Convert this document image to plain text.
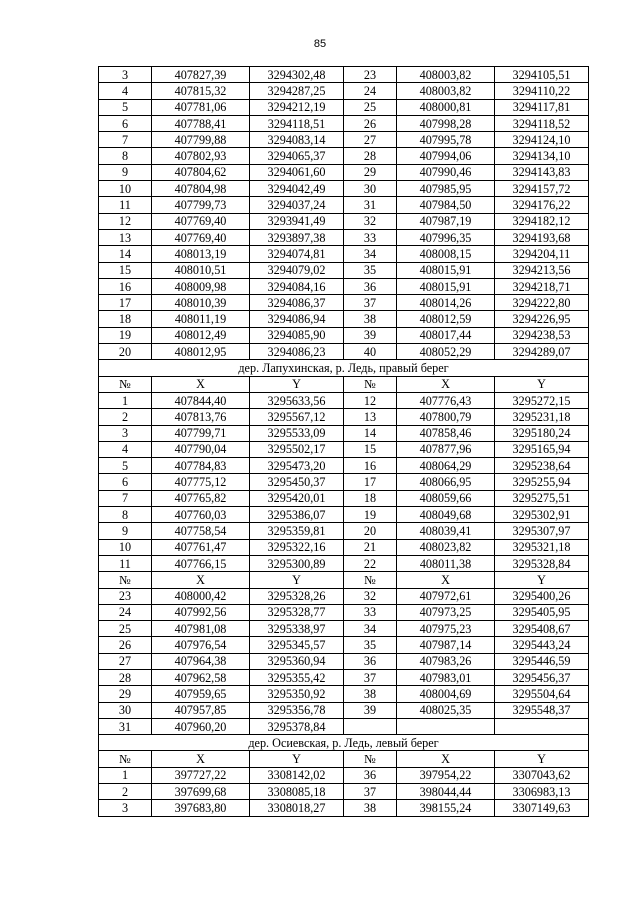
85
3	407827,39	3294302,48	23	408003,82	3294105,51
4	407815,32	3294287,25	24	408003,82	3294110,22
5	407781,06	3294212,19	25	408000,81	3294117,81
6	407788,41	3294118,51	26	407998,28	3294118,52
7	407799,88	3294083,14	27	407995,78	3294124,10
8	407802,93	3294065,37	28	407994,06	3294134,10
9	407804,62	3294061,60	29	407990,46	3294143,83
10	407804,98	3294042,49	30	407985,95	3294157,72
11	407799,73	3294037,24	31	407984,50	3294176,22
12	407769,40	3293941,49	32	407987,19	3294182,12
13	407769,40	3293897,38	33	407996,35	3294193,68
14	408013,19	3294074,81	34	408008,15	3294204,11
15	408010,51	3294079,02	35	408015,91	3294213,56
16	408009,98	3294084,16	36	408015,91	3294218,71
17	408010,39	3294086,37	37	408014,26	3294222,80
18	408011,19	3294086,94	38	408012,59	3294226,95
19	408012,49	3294085,90	39	408017,44	3294238,53
20	408012,95	3294086,23	40	408052,29	3294289,07
дер. Лапухинская, р. Ледь, правый берег					
№	X	Y	№	X	Y
1	407844,40	3295633,56	12	407776,43	3295272,15
2	407813,76	3295567,12	13	407800,79	3295231,18
3	407799,71	3295533,09	14	407858,46	3295180,24
4	407790,04	3295502,17	15	407877,96	3295165,94
5	407784,83	3295473,20	16	408064,29	3295238,64
6	407775,12	3295450,37	17	408066,95	3295255,94
7	407765,82	3295420,01	18	408059,66	3295275,51
8	407760,03	3295386,07	19	408049,68	3295302,91
9	407758,54	3295359,81	20	408039,41	3295307,97
10	407761,47	3295322,16	21	408023,82	3295321,18
11	407766,15	3295300,89	22	408011,38	3295328,84
№	X	Y	№	X	Y
23	408000,42	3295328,26	32	407972,61	3295400,26
24	407992,56	3295328,77	33	407973,25	3295405,95
25	407981,08	3295338,97	34	407975,23	3295408,67
26	407976,54	3295345,57	35	407987,14	3295443,24
27	407964,38	3295360,94	36	407983,26	3295446,59
28	407962,58	3295355,42	37	407983,01	3295456,37
29	407959,65	3295350,92	38	408004,69	3295504,64
30	407957,85	3295356,78	39	408025,35	3295548,37
31	407960,20	3295378,84			
дер. Осиевская, р. Ледь, левый берег					
№	X	Y	№	X	Y
1	397727,22	3308142,02	36	397954,22	3307043,62
2	397699,68	3308085,18	37	398044,44	3306983,13
3	397683,80	3308018,27	38	398155,24	3307149,63
